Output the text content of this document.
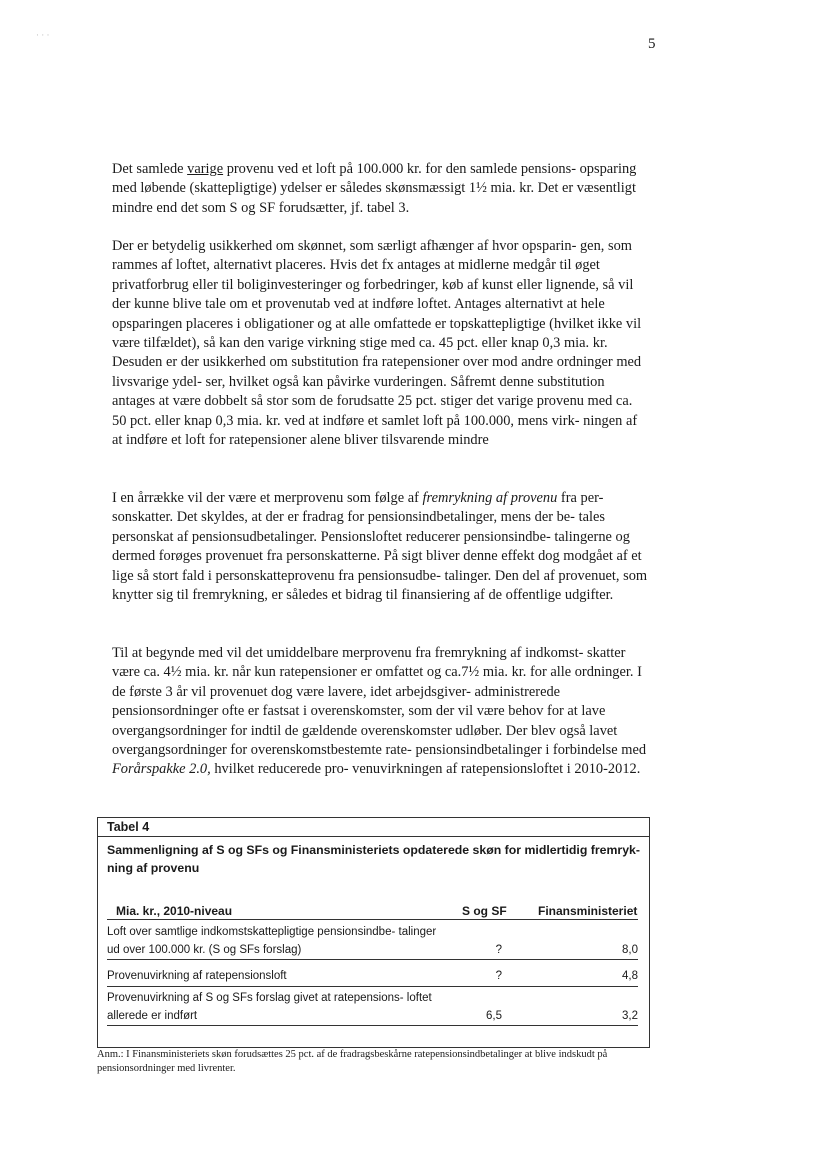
· · ·
5

Det samlede varige provenu ved et loft på 100.000 kr. for den samlede pensions- opsparing med løbende (skattepligtige) ydelser er således skønsmæssigt 1½ mia. kr. Det er væsentligt mindre end det som S og SF forudsætter, jf. tabel 3.

Der er betydelig usikkerhed om skønnet, som særligt afhænger af hvor opsparin- gen, som rammes af loftet, alternativt placeres. Hvis det fx antages at midlerne medgår til øget privatforbrug eller til boliginvesteringer og forbedringer, køb af kunst eller lignende, så vil der kunne blive tale om et provenutab ved at indføre loftet. Antages alternativt at hele opsparingen placeres i obligationer og at alle omfattede er topskattepligtige (hvilket ikke vil være tilfældet), så kan den varige virkning stige med ca. 45 pct. eller knap 0,3 mia. kr. Desuden er der usikkerhed om substitution fra ratepensioner over mod andre ordninger med livsvarige ydel- ser, hvilket også kan påvirke vurderingen. Såfremt denne substitution antages at være dobbelt så stor som de forudsatte 25 pct. stiger det varige provenu med ca. 50 pct. eller knap 0,3 mia. kr. ved at indføre et samlet loft på 100.000, mens virk- ningen af at indføre et loft for ratepensioner alene bliver tilsvarende mindre

I en årrække vil der være et merprovenu som følge af fremrykning af provenu fra per- sonskatter. Det skyldes, at der er fradrag for pensionsindbetalinger, mens der be- tales personskat af pensionsudbetalinger. Pensionsloftet reducerer pensionsindbe- talingerne og dermed forøges provenuet fra personskatterne. På sigt bliver denne effekt dog modgået af et lige så stort fald i personskatteprovenu fra pensionsudbe- talinger. Den del af provenuet, som knytter sig til fremrykning, er således et bidrag til finansiering af de offentlige udgifter.

Til at begynde med vil det umiddelbare merprovenu fra fremrykning af indkomst- skatter være ca. 4½ mia. kr. når kun ratepensioner er omfattet og ca.7½ mia. kr. for alle ordninger. I de første 3 år vil provenuet dog være lavere, idet arbejdsgiver- administrerede pensionsordninger ofte er fastsat i overenskomster, som der vil være behov for at lave overgangsordninger for indtil de gældende overenskomster udløber. Der blev også lavet overgangsordninger for overenskomstbestemte rate- pensionsindbetalinger i forbindelse med Forårspakke 2.0, hvilket reducerede pro- venuvirkningen af ratepensionsloftet i 2010-2012.

Tabel 4
Sammenligning af S og SFs og Finansministeriets opdaterede skøn for midlertidig fremryk- ning af provenu
Mia. kr., 2010-niveau	S og SF	Finansministeriet
Loft over samtlige indkomstskattepligtige pensionsindbe- talinger ud over 100.000 kr. (S og SFs forslag)	?	8,0
Provenuvirkning af ratepensionsloft	?	4,8
Provenuvirkning af S og SFs forslag givet at ratepensions- loftet allerede er indført	6,5	3,2
Anm.: I Finansministeriets skøn forudsættes 25 pct. af de fradragsbeskårne ratepensionsindbetalinger at blive indskudt på pensionsordninger med livrenter.
